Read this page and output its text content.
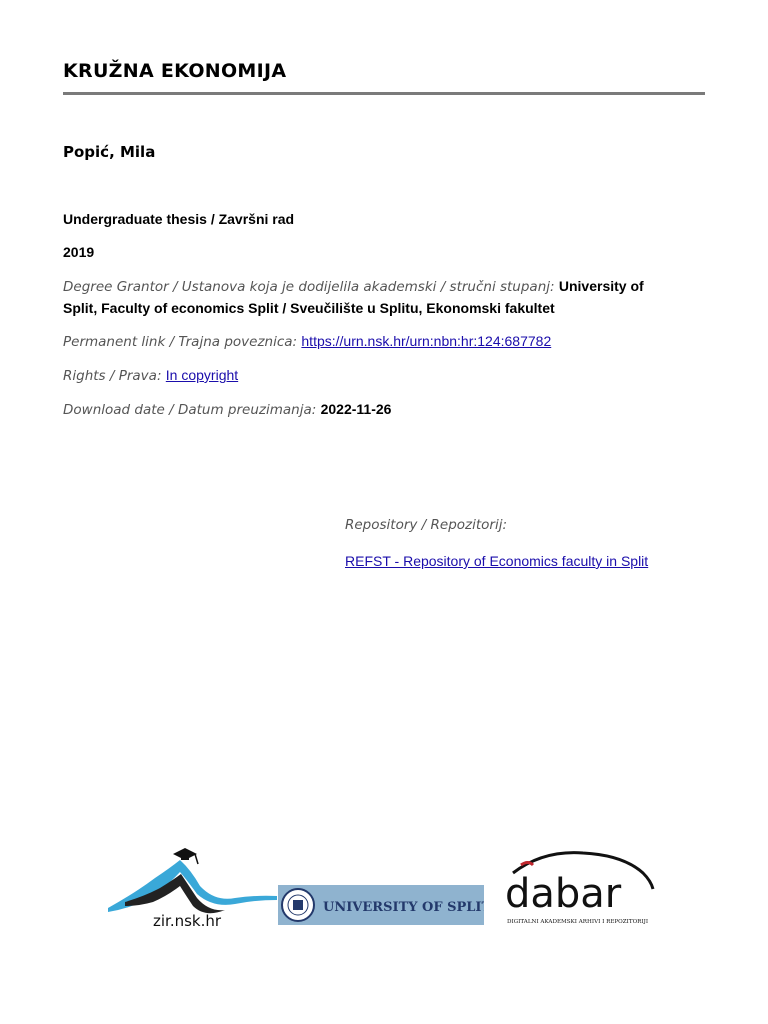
KRUŽNA EKONOMIJA
Popić, Mila
Undergraduate thesis / Završni rad
2019
Degree Grantor / Ustanova koja je dodijelila akademski / stručni stupanj: University of
Split, Faculty of economics Split / Sveučilište u Splitu, Ekonomski fakultet
Permanent link / Trajna poveznica: https://urn.nsk.hr/urn:nbn:hr:124:687782
Rights / Prava: In copyright
Download date / Datum preuzimanja: 2022-11-26
Repository / Repozitorij:
REFST - Repository of Economics faculty in Split
zir.nsk.hr
UNIVERSITY OF SPLIT dabar
DIGITALNI AKADEMSKI ARHIVI I REPOZITORIJI
